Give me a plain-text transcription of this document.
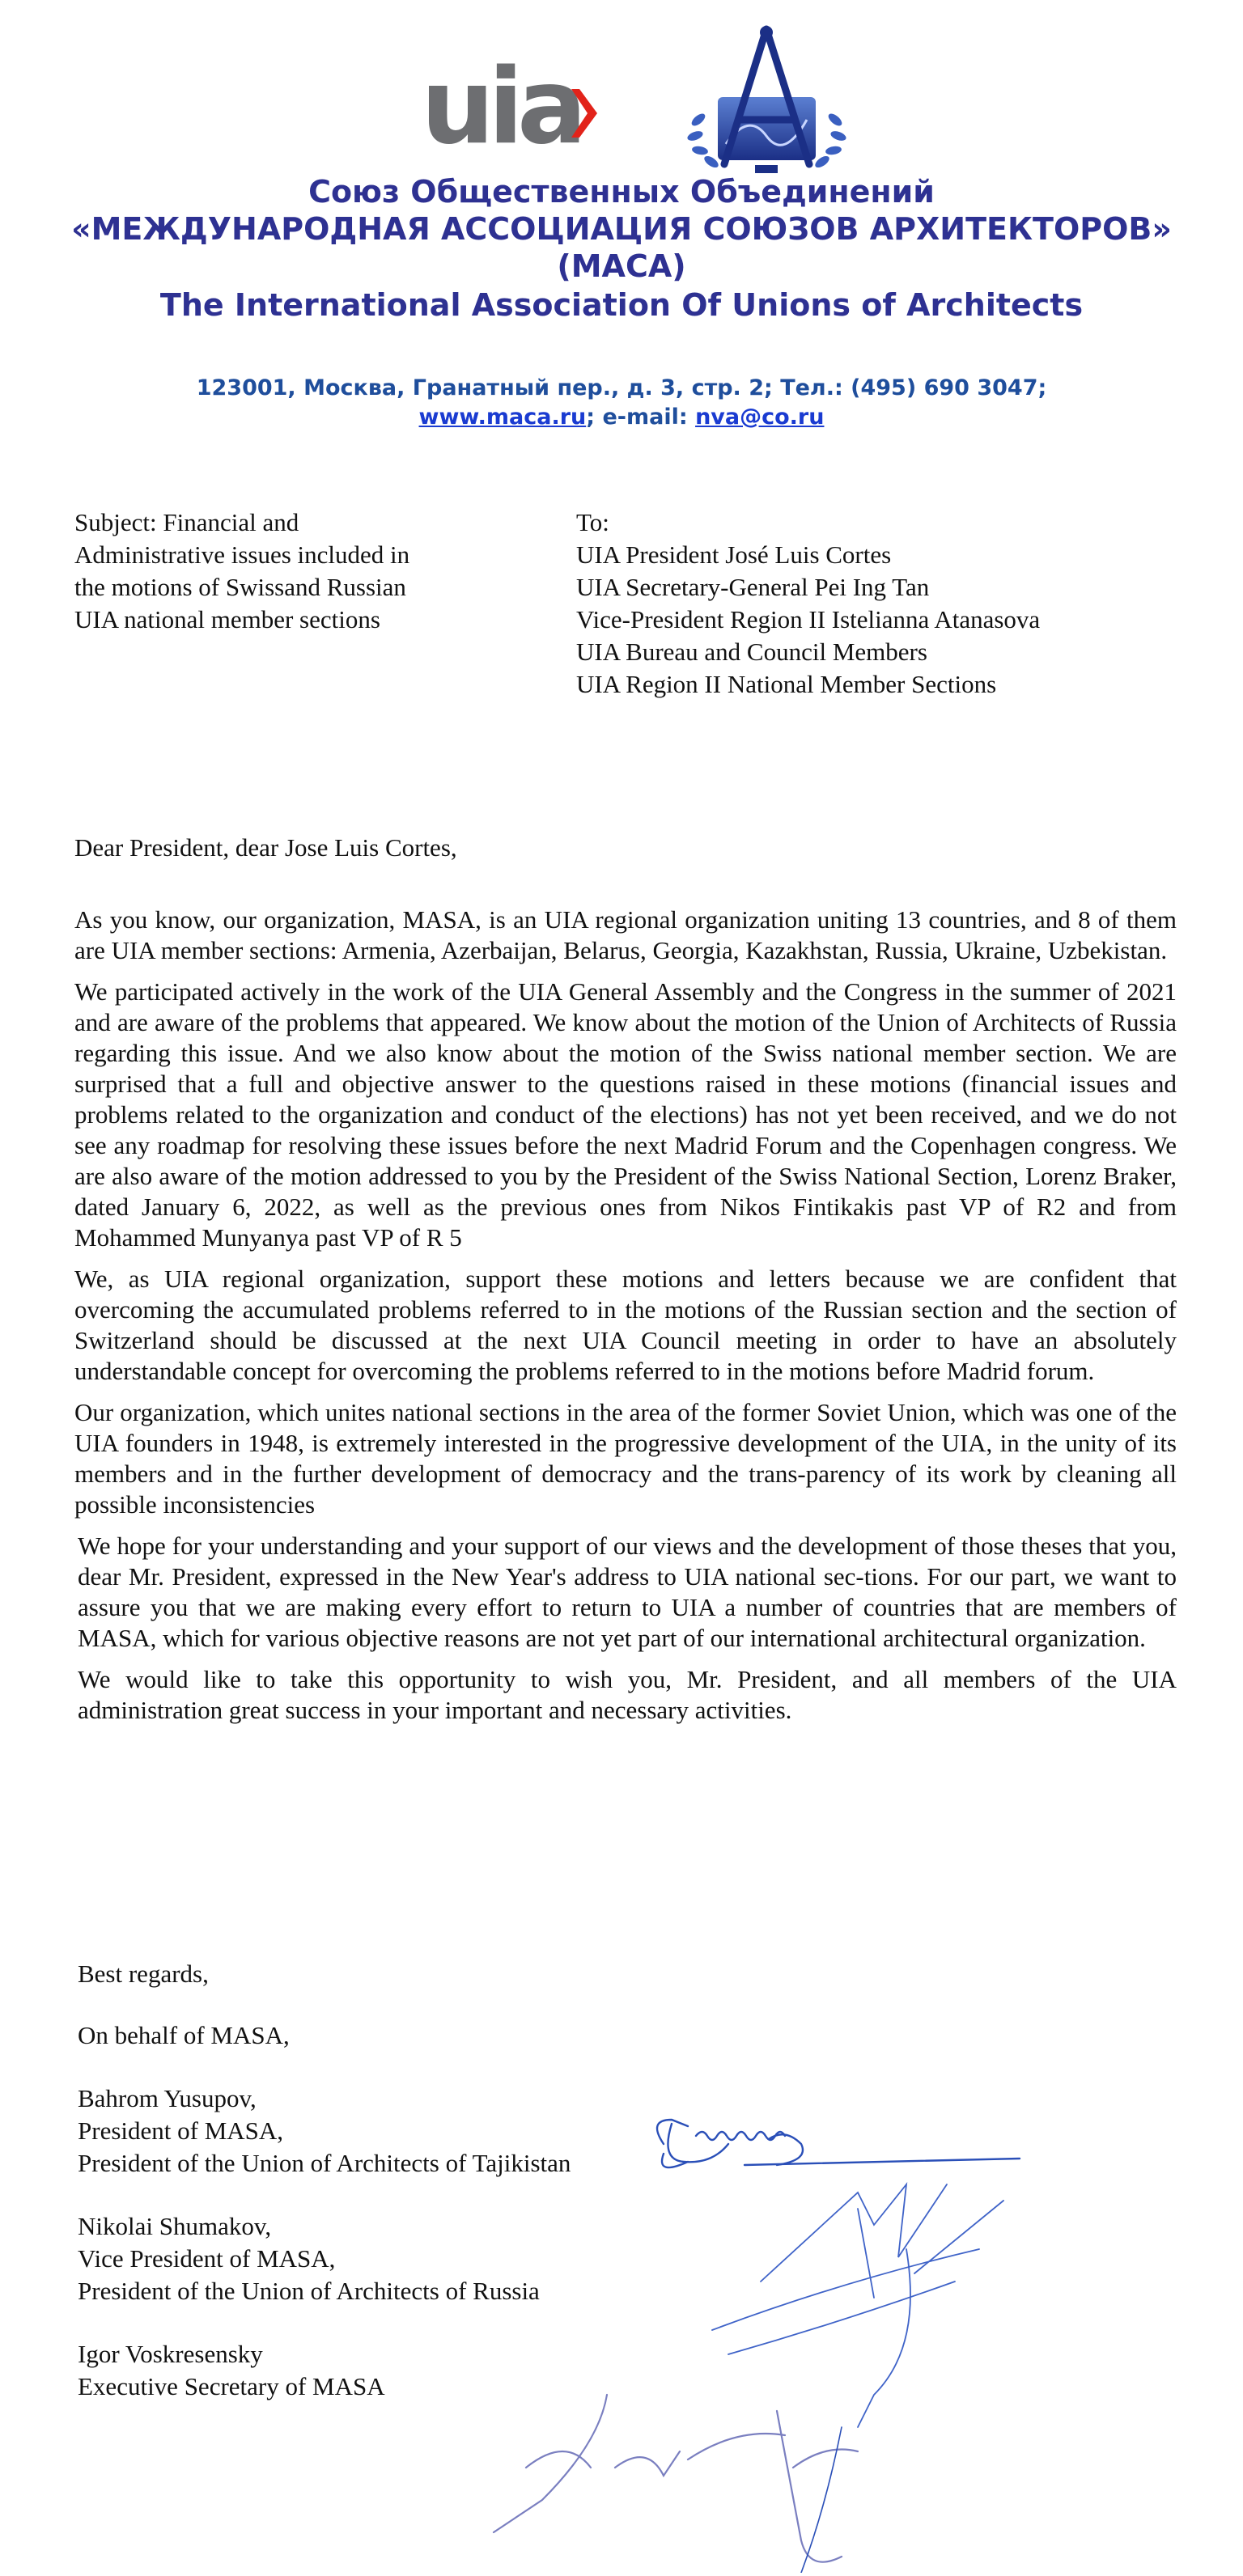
uia

Союз Общественных Объединений

«МЕЖДУНАРОДНАЯ АССОЦИАЦИЯ СОЮЗОВ АРХИТЕКТОРОВ»

(МАСА)

The International Association Of Unions of Architects

123001, Москва, Гранатный пер., д. 3, стр. 2; Тел.: (495) 690 3047;
www.maca.ru; e-mail: nva@co.ru
Subject: Financial and
Administrative issues included in
the motions of Swissand Russian
UIA national member sections
To:
UIA President José Luis Cortes
UIA Secretary-General Pei Ing Tan
Vice-President Region II Istelianna Atanasova
UIA Bureau and Council Members
UIA Region II National Member Sections
Dear President, dear Jose Luis Cortes,

As you know, our organization, MASA, is an UIA regional organization uniting 13 countries, and 8 of them are UIA member sections: Armenia, Azerbaijan, Belarus, Georgia, Kazakhstan, Russia, Ukraine, Uzbekistan.

We participated actively in the work of the UIA General Assembly and the Congress in the summer of 2021 and are aware of the problems that appeared. We know about the motion of the Union of Architects of Russia regarding this issue. And we also know about the motion of the Swiss national member section. We are surprised that a full and objective answer to the questions raised in these motions (financial issues and problems related to the organization and conduct of the elections) has not yet been received, and we do not see any roadmap for resolving these issues before the next Madrid Forum and the Copenhagen congress. We are also aware of the motion addressed to you by the President of the Swiss National Section, Lorenz Braker, dated January 6, 2022, as well as the previous ones from Nikos Fintikakis past VP of R2 and from Mohammed Munyanya past VP of R 5

We, as UIA regional organization, support these motions and letters because we are confident that overcoming the accumulated problems referred to in the motions of the Russian section and the section of Switzerland should be discussed at the next UIA Council meeting in order to have an absolutely understandable concept for overcoming the problems referred to in the motions before Madrid forum.

Our organization, which unites national sections in the area of the former Soviet Union, which was one of the UIA founders in 1948, is extremely interested in the progressive development of the UIA, in the unity of its members and in the further development of democracy and the trans-parency of its work by cleaning all possible inconsistencies

We hope for your understanding and your support of our views and the development of those theses that you, dear Mr. President, expressed in the New Year's address to UIA national sec-tions. For our part, we want to assure you that we are making every effort to return to UIA a number of countries that are members of MASA, which for various objective reasons are not yet part of our international architectural organization.

We would like to take this opportunity to wish you, Mr. President, and all members of the UIA administration great success in your important and necessary activities.

Best regards,
On behalf of MASA,
Bahrom Yusupov,
President of MASA,
President of the Union of Architects of Tajikistan
Nikolai Shumakov,
Vice President of MASA,
President of the Union of Architects of Russia
Igor Voskresensky
Executive Secretary of MASA
